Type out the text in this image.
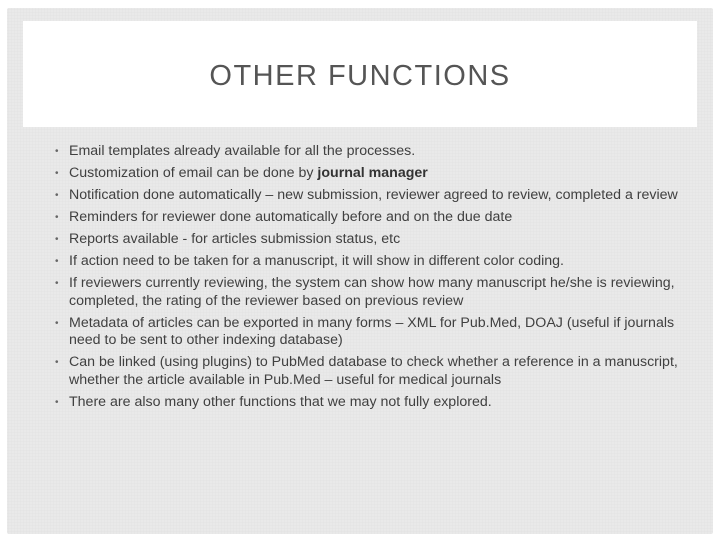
OTHER FUNCTIONS
• Email templates already available for all the processes.
• Customization of email can be done by journal manager
• Notification done automatically – new submission, reviewer agreed to review, completed a review
• Reminders for reviewer done automatically before and on the due date
• Reports available - for articles submission status, etc
• If action need to be taken for a manuscript, it will show in different color coding.
• If reviewers currently reviewing, the system can show how many manuscript he/she is reviewing, completed, the rating of the reviewer based on previous review
• Metadata of articles can be exported in many forms – XML for Pub.Med, DOAJ (useful if journals need to be sent to other indexing database)
• Can be linked (using plugins) to PubMed database to check whether a reference in a manuscript, whether the article available in Pub.Med – useful for medical journals
• There are also many other functions that we may not fully explored.
